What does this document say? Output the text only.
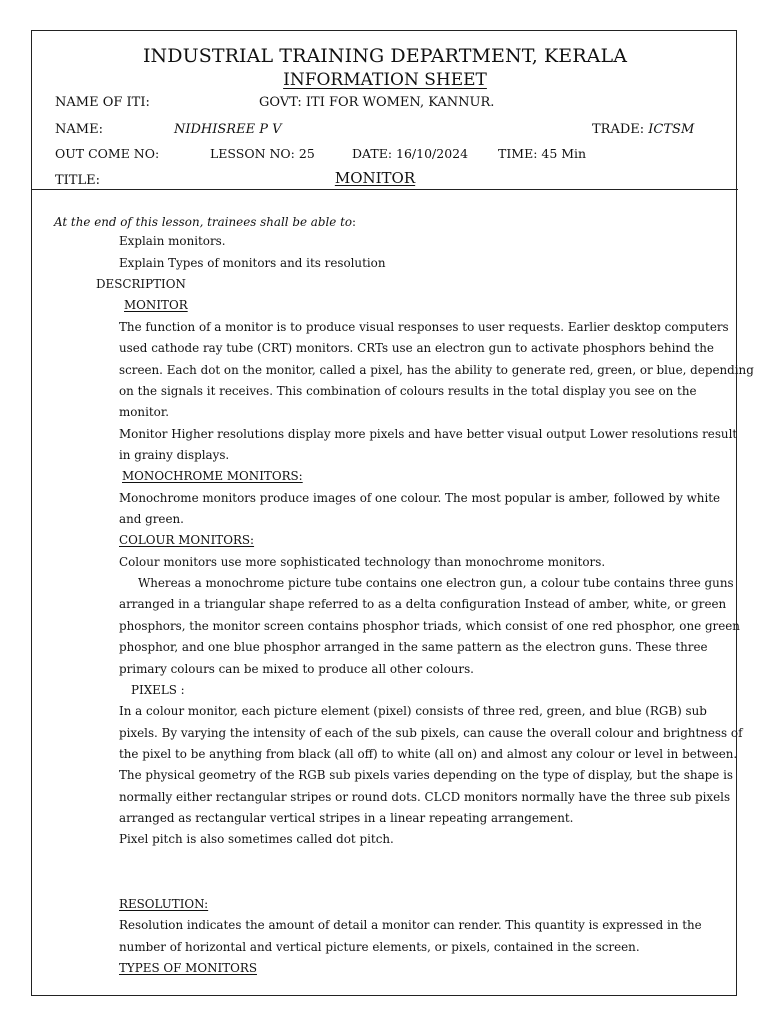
INDUSTRIAL TRAINING DEPARTMENT, KERALA
INFORMATION SHEET
NAME OF ITI:	GOVT: ITI FOR WOMEN, KANNUR.
NAME:	NIDHISREE P V	TRADE: ICTSM
OUT COME NO:	LESSON NO: 25	DATE: 16/10/2024 TIME: 45 Min
TITLE:	MONITOR
At the end of this lesson, trainees shall be able to:
Explain monitors.
Explain Types of monitors and its resolution
DESCRIPTION
MONITOR
The function of a monitor is to produce visual responses to user requests. Earlier desktop computers
used cathode ray tube (CRT) monitors. CRTs use an electron gun to activate phosphors behind the
screen. Each dot on the monitor, called a pixel, has the ability to generate red, green, or blue, depending
on the signals it receives. This combination of colours results in the total display you see on the
monitor.
Monitor Higher resolutions display more pixels and have better visual output Lower resolutions result
in grainy displays.
MONOCHROME MONITORS:
Monochrome monitors produce images of one colour. The most popular is amber, followed by white
and green.
COLOUR MONITORS:
Colour monitors use more sophisticated technology than monochrome monitors.
Whereas a monochrome picture tube contains one electron gun, a colour tube contains three guns
arranged in a triangular shape referred to as a delta configuration Instead of amber, white, or green
phosphors, the monitor screen contains phosphor triads, which consist of one red phosphor, one green
phosphor, and one blue phosphor arranged in the same pattern as the electron guns. These three
primary colours can be mixed to produce all other colours.
PIXELS :
In a colour monitor, each picture element (pixel) consists of three red, green, and blue (RGB) sub
pixels. By varying the intensity of each of the sub pixels, can cause the overall colour and brightness of
the pixel to be anything from black (all off) to white (all on) and almost any colour or level in between.
The physical geometry of the RGB sub pixels varies depending on the type of display, but the shape is
normally either rectangular stripes or round dots. CLCD monitors normally have the three sub pixels
arranged as rectangular vertical stripes in a linear repeating arrangement.
Pixel pitch is also sometimes called dot pitch.
RESOLUTION:
Resolution indicates the amount of detail a monitor can render. This quantity is expressed in the
number of horizontal and vertical picture elements, or pixels, contained in the screen.
TYPES OF MONITORS
